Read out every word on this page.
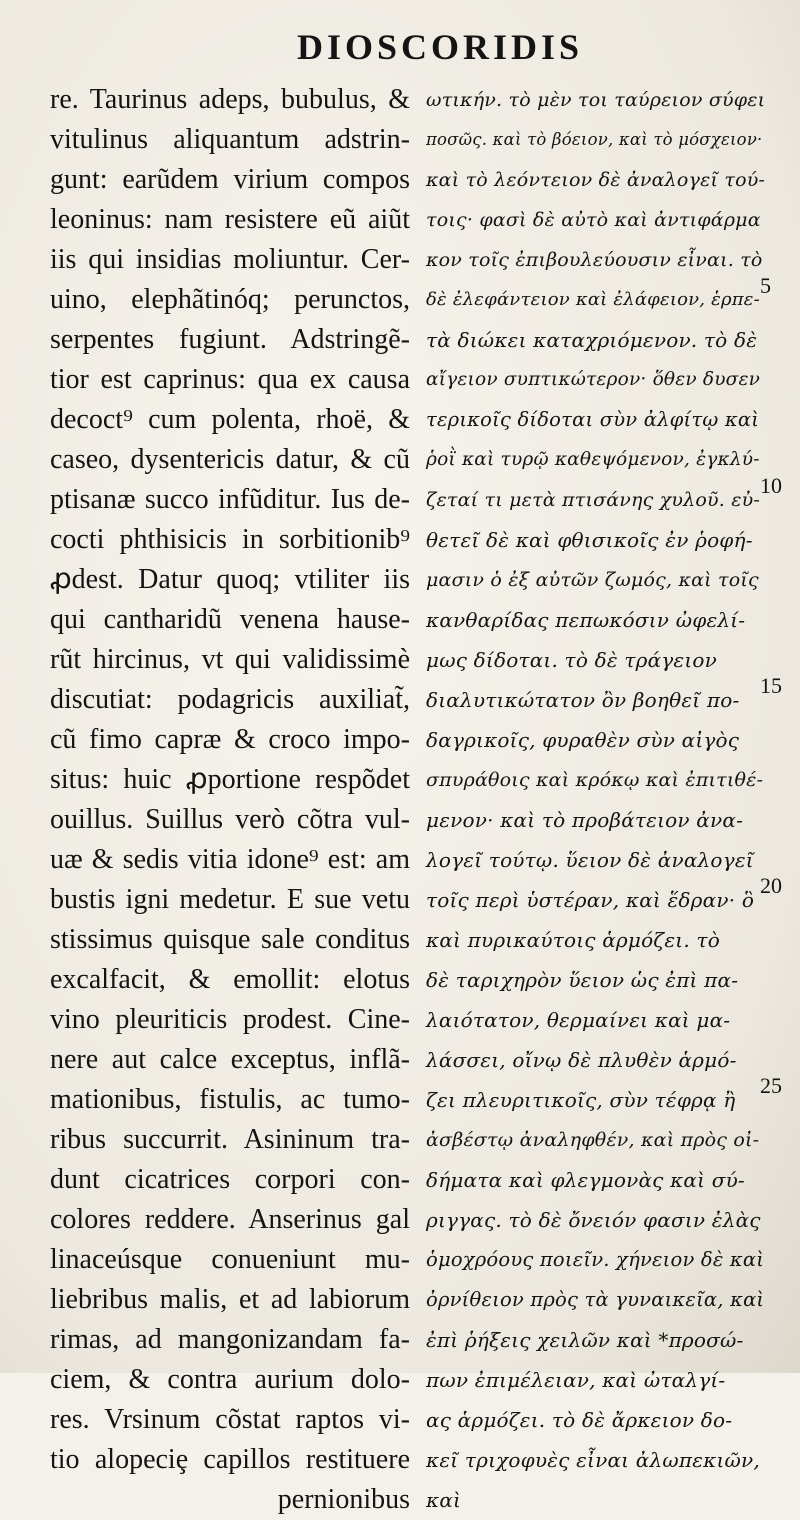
DIOSCORIDIS
re. Taurinus adeps, bubulus, &
vitulinus aliquantum adstrin-
gunt: earũdem virium compos
leoninus: nam resistere eũ aiũt
iis qui insidias moliuntur. Cer-
uino, elephãtinóq; perunctos,
serpentes fugiunt. Adstringẽ-
tior est caprinus: qua ex causa
decoct⁹ cum polenta, rhoë, &
caseo, dysentericis datur, & cũ
ptisanæ succo infũditur. Ius de-
cocti phthisicis in sorbitionib⁹
ꝓdest. Datur quoq; vtiliter iis
qui cantharidũ venena hause-
rũt hircinus, vt qui validissimè
discutiat: podagricis auxiliat̃,
cũ fimo capræ & croco impo-
situs: huic ꝓportione respõdet
ouillus. Suillus verò cõtra vul-
uæ & sedis vitia idone⁹ est: am
bustis igni medetur. E sue vetu
stissimus quisque sale conditus
excalfacit, & emollit: elotus
vino pleuriticis prodest. Cine-
nere aut calce exceptus, inflã-
mationibus, fistulis, ac tumo-
ribus succurrit. Asininum tra-
dunt cicatrices corpori con-
colores reddere. Anserinus gal
linaceúsque conueniunt mu-
liebribus malis, et ad labiorum
rimas, ad mangonizandam fa-
ciem, & contra aurium dolo-
res. Vrsinum cõstat raptos vi-
tio alopeciȩ capillos restituere
pernionibus
ωτικήν. τὸ μὲν τοι ταύρειον σύφει
ποσῶς. καὶ τὸ βόειον, καὶ τὸ μόσχειον·
καὶ τὸ λεόντειον δὲ ἀναλογεῖ τού-
τοις· φασὶ δὲ αὐτὸ καὶ ἀντιφάρμα
κον τοῖς ἐπιβουλεύουσιν εἶναι. τὸ
δὲ ἐλεφάντειον καὶ ἐλάφειον, ἑρπε-
τὰ διώκει καταχριόμενον. τὸ δὲ
αἴγειον συπτικώτερον· ὅθεν δυσεν
τερικοῖς δίδοται σὺν ἀλφίτῳ καὶ
ῥοῒ καὶ τυρῷ καθεψόμενον, ἐγκλύ-
ζεταί τι μετὰ πτισάνης χυλοῦ. εὐ-
θετεῖ δὲ καὶ φθισικοῖς ἐν ῥοφή-
μασιν ὁ ἐξ αὐτῶν ζωμός, καὶ τοῖς
κανθαρίδας πεπωκόσιν ὠφελί-
μως δίδοται. τὸ δὲ τράγειον
διαλυτικώτατον ὂν βοηθεῖ πο-
δαγρικοῖς, φυραθὲν σὺν αἰγὸς
σπυράθοις καὶ κρόκῳ καὶ ἐπιτιθέ-
μενον· καὶ τὸ προβάτειον ἀνα-
λογεῖ τούτῳ. ὕειον δὲ ἀναλογεῖ
τοῖς περὶ ὑστέραν, καὶ ἕδραν· ὃ
καὶ πυρικαύτοις ἁρμόζει. τὸ
δὲ ταριχηρὸν ὕειον ὡς ἐπὶ πα-
λαιότατον, θερμαίνει καὶ μα-
λάσσει, οἴνῳ δὲ πλυθὲν ἁρμό-
ζει πλευριτικοῖς, σὺν τέφρᾳ ἢ
ἀσβέστῳ ἀναληφθέν, καὶ πρὸς οἰ-
δήματα καὶ φλεγμονὰς καὶ σύ-
ριγγας. τὸ δὲ ὄνειόν φασιν ἐλὰς
ὁμοχρόους ποιεῖν. χήνειον δὲ καὶ
ὀρνίθειον πρὸς τὰ γυναικεῖα, καὶ
ἐπὶ ῥήξεις χειλῶν καὶ *προσώ-
πων ἐπιμέλειαν, καὶ ὠταλγί-
ας ἁρμόζει. τὸ δὲ ἄρκειον δο-
κεῖ τριχοφυὲς εἶναι ἀλωπεκιῶν,
καὶ
5
10
15
20
25
